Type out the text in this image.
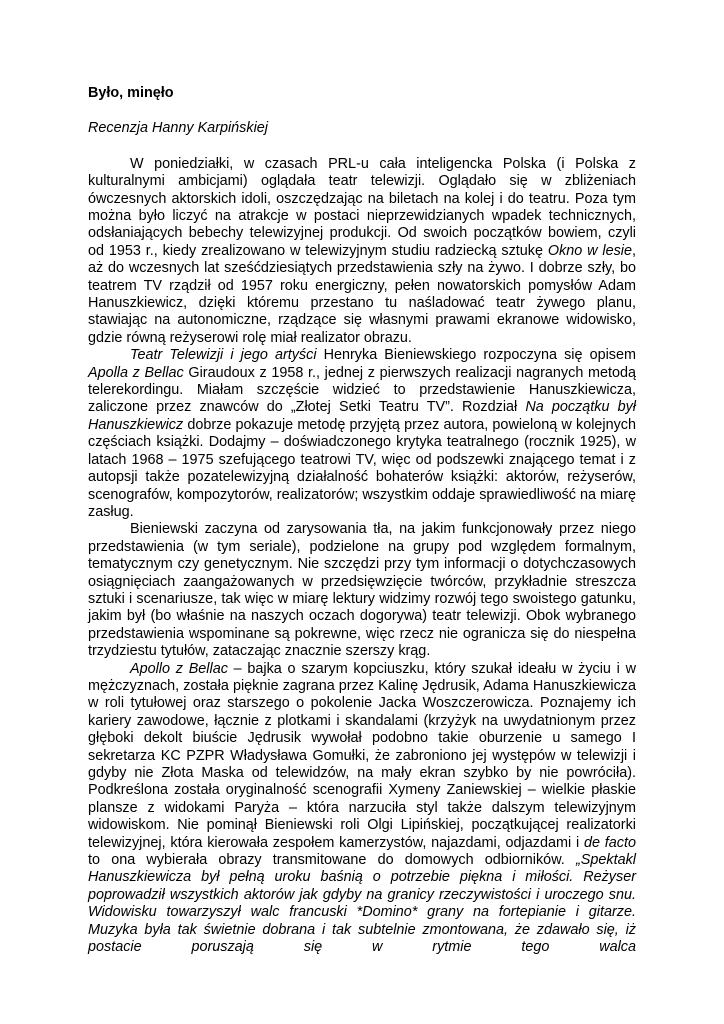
Było, minęło

Recenzja Hanny Karpińskiej

W poniedziałki, w czasach PRL-u cała inteligencka Polska (i Polska z kulturalnymi ambicjami) oglądała teatr telewizji. Oglądało się w zbliżeniach ówczesnych aktorskich idoli, oszczędzając na biletach na kolej i do teatru. Poza tym można było liczyć na atrakcje w postaci nieprzewidzianych wpadek technicznych, odsłaniających bebechy telewizyjnej produkcji. Od swoich początków bowiem, czyli od 1953 r., kiedy zrealizowano w telewizyjnym studiu radziecką sztukę Okno w lesie, aż do wczesnych lat sześćdziesiątych przedstawienia szły na żywo. I dobrze szły, bo teatrem TV rządził od 1957 roku energiczny, pełen nowatorskich pomysłów Adam Hanuszkiewicz, dzięki któremu przestano tu naśladować teatr żywego planu, stawiając na autonomiczne, rządzące się własnymi prawami ekranowe widowisko, gdzie równą reżyserowi rolę miał realizator obrazu.

Teatr Telewizji i jego artyści Henryka Bieniewskiego rozpoczyna się opisem Apolla z Bellac Giraudoux z 1958 r., jednej z pierwszych realizacji nagranych metodą telerekordingu. Miałam szczęście widzieć to przedstawienie Hanuszkiewicza, zaliczone przez znawców do „Złotej Setki Teatru TV”. Rozdział Na początku był Hanuszkiewicz dobrze pokazuje metodę przyjętą przez autora, powieloną w kolejnych częściach książki. Dodajmy – doświadczonego krytyka teatralnego (rocznik 1925), w latach 1968 – 1975 szefującego teatrowi TV, więc od podszewki znającego temat i z autopsji także pozatelewizyjną działalność bohaterów książki: aktorów, reżyserów, scenografów, kompozytorów, realizatorów; wszystkim oddaje sprawiedliwość na miarę zasług.

Bieniewski zaczyna od zarysowania tła, na jakim funkcjonowały przez niego przedstawienia (w tym seriale), podzielone na grupy pod względem formalnym, tematycznym czy genetycznym. Nie szczędzi przy tym informacji o dotychczasowych osiągnięciach zaangażowanych w przedsięwzięcie twórców, przykładnie streszcza sztuki i scenariusze, tak więc w miarę lektury widzimy rozwój tego swoistego gatunku, jakim był (bo właśnie na naszych oczach dogorywa) teatr telewizji. Obok wybranego przedstawienia wspominane są pokrewne, więc rzecz nie ogranicza się do niespełna trzydziestu tytułów, zataczając znacznie szerszy krąg.

Apollo z Bellac – bajka o szarym kopciuszku, który szukał ideału w życiu i w mężczyznach, została pięknie zagrana przez Kalinę Jędrusik, Adama Hanuszkiewicza w roli tytułowej oraz starszego o pokolenie Jacka Woszczerowicza. Poznajemy ich kariery zawodowe, łącznie z plotkami i skandalami (krzyżyk na uwydatnionym przez głęboki dekolt biuście Jędrusik wywołał podobno takie oburzenie u samego I sekretarza KC PZPR Władysława Gomułki, że zabroniono jej występów w telewizji i gdyby nie Złota Maska od telewidzów, na mały ekran szybko by nie powróciła). Podkreślona została oryginalność scenografii Xymeny Zaniewskiej – wielkie płaskie plansze z widokami Paryża – która narzuciła styl także dalszym telewizyjnym widowiskom. Nie pominął Bieniewski roli Olgi Lipińskiej, początkującej realizatorki telewizyjnej, która kierowała zespołem kamerzystów, najazdami, odjazdami i de facto to ona wybierała obrazy transmitowane do domowych odbiorników. „Spektakl Hanuszkiewicza był pełną uroku baśnią o potrzebie piękna i miłości. Reżyser poprowadził wszystkich aktorów jak gdyby na granicy rzeczywistości i uroczego snu. Widowisku towarzyszył walc francuski *Domino* grany na fortepianie i gitarze. Muzyka była tak świetnie dobrana i tak subtelnie zmontowana, że zdawało się, iż postacie poruszają się w rytmie tego walca
